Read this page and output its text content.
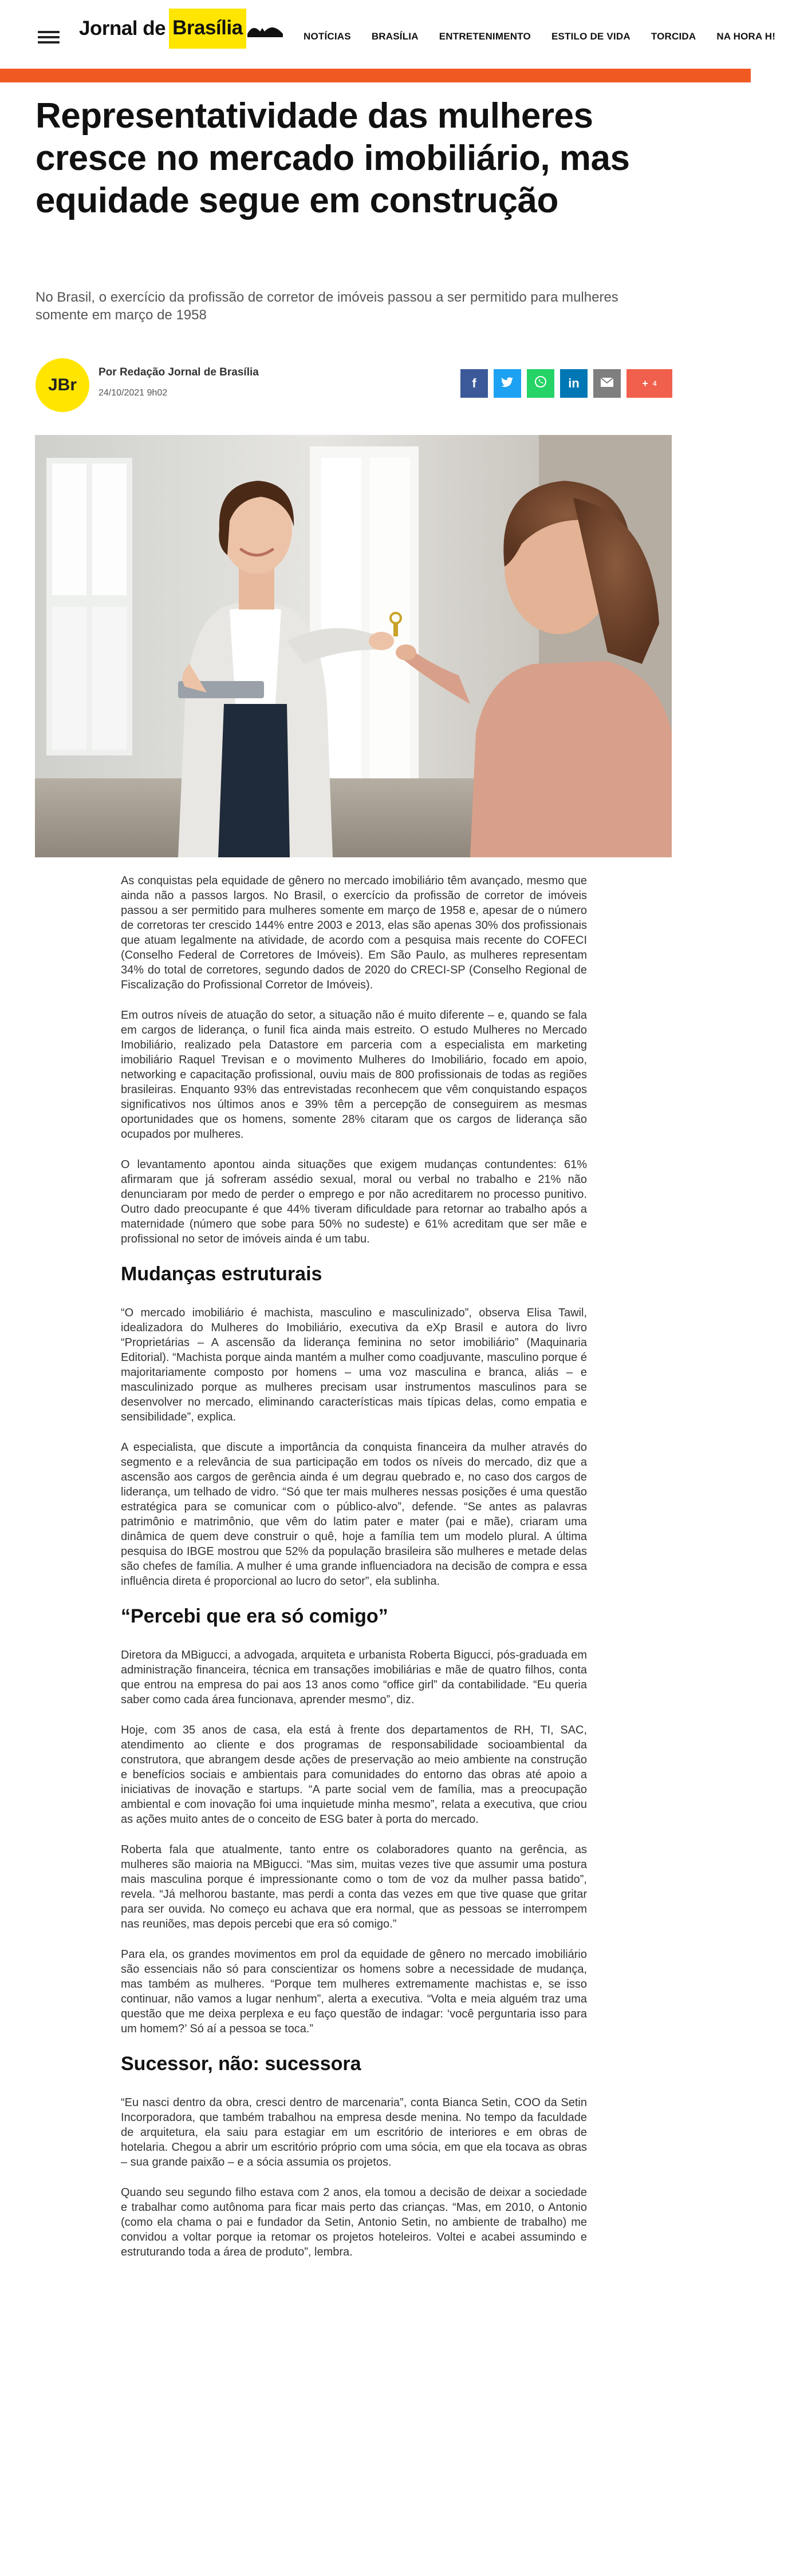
Jornal de Brasília	NOTÍCIAS BRASÍLIA ENTRETENIMENTO ESTILO DE VIDA TORCIDA NA HORA H!
Representatividade das mulheres cresce no mercado imobiliário, mas equidade segue em construção

No Brasil, o exercício da profissão de corretor de imóveis passou a ser permitido para mulheres somente em março de 1958

JBr
Por Redação Jornal de Brasília
24/10/2021 9h02
f	in	+ 4

As conquistas pela equidade de gênero no mercado imobiliário têm avançado, mesmo que ainda não a passos largos. No Brasil, o exercício da profissão de corretor de imóveis passou a ser permitido para mulheres somente em março de 1958 e, apesar de o número de corretoras ter crescido 144% entre 2003 e 2013, elas são apenas 30% dos profissionais que atuam legalmente na atividade, de acordo com a pesquisa mais recente do COFECI (Conselho Federal de Corretores de Imóveis). Em São Paulo, as mulheres representam 34% do total de corretores, segundo dados de 2020 do CRECI-SP (Conselho Regional de Fiscalização do Profissional Corretor de Imóveis).

Em outros níveis de atuação do setor, a situação não é muito diferente – e, quando se fala em cargos de liderança, o funil fica ainda mais estreito. O estudo Mulheres no Mercado Imobiliário, realizado pela Datastore em parceria com a especialista em marketing imobiliário Raquel Trevisan e o movimento Mulheres do Imobiliário, focado em apoio, networking e capacitação profissional, ouviu mais de 800 profissionais de todas as regiões brasileiras. Enquanto 93% das entrevistadas reconhecem que vêm conquistando espaços significativos nos últimos anos e 39% têm a percepção de conseguirem as mesmas oportunidades que os homens, somente 28% citaram que os cargos de liderança são ocupados por mulheres.

O levantamento apontou ainda situações que exigem mudanças contundentes: 61% afirmaram que já sofreram assédio sexual, moral ou verbal no trabalho e 21% não denunciaram por medo de perder o emprego e por não acreditarem no processo punitivo. Outro dado preocupante é que 44% tiveram dificuldade para retornar ao trabalho após a maternidade (número que sobe para 50% no sudeste) e 61% acreditam que ser mãe e profissional no setor de imóveis ainda é um tabu.

Mudanças estruturais

“O mercado imobiliário é machista, masculino e masculinizado”, observa Elisa Tawil, idealizadora do Mulheres do Imobiliário, executiva da eXp Brasil e autora do livro “Proprietárias – A ascensão da liderança feminina no setor imobiliário” (Maquinaria Editorial). “Machista porque ainda mantém a mulher como coadjuvante, masculino porque é majoritariamente composto por homens – uma voz masculina e branca, aliás – e masculinizado porque as mulheres precisam usar instrumentos masculinos para se desenvolver no mercado, eliminando características mais típicas delas, como empatia e sensibilidade”, explica.

A especialista, que discute a importância da conquista financeira da mulher através do segmento e a relevância de sua participação em todos os níveis do mercado, diz que a ascensão aos cargos de gerência ainda é um degrau quebrado e, no caso dos cargos de liderança, um telhado de vidro. “Só que ter mais mulheres nessas posições é uma questão estratégica para se comunicar com o público-alvo”, defende. “Se antes as palavras patrimônio e matrimônio, que vêm do latim pater e mater (pai e mãe), criaram uma dinâmica de quem deve construir o quê, hoje a família tem um modelo plural. A última pesquisa do IBGE mostrou que 52% da população brasileira são mulheres e metade delas são chefes de família. A mulher é uma grande influenciadora na decisão de compra e essa influência direta é proporcional ao lucro do setor”, ela sublinha.

“Percebi que era só comigo”

Diretora da MBigucci, a advogada, arquiteta e urbanista Roberta Bigucci, pós-graduada em administração financeira, técnica em transações imobiliárias e mãe de quatro filhos, conta que entrou na empresa do pai aos 13 anos como “office girl” da contabilidade. “Eu queria saber como cada área funcionava, aprender mesmo”, diz.

Hoje, com 35 anos de casa, ela está à frente dos departamentos de RH, TI, SAC, atendimento ao cliente e dos programas de responsabilidade socioambiental da construtora, que abrangem desde ações de preservação ao meio ambiente na construção e benefícios sociais e ambientais para comunidades do entorno das obras até apoio a iniciativas de inovação e startups. “A parte social vem de família, mas a preocupação ambiental e com inovação foi uma inquietude minha mesmo”, relata a executiva, que criou as ações muito antes de o conceito de ESG bater à porta do mercado.

Roberta fala que atualmente, tanto entre os colaboradores quanto na gerência, as mulheres são maioria na MBigucci. “Mas sim, muitas vezes tive que assumir uma postura mais masculina porque é impressionante como o tom de voz da mulher passa batido”, revela. “Já melhorou bastante, mas perdi a conta das vezes em que tive quase que gritar para ser ouvida. No começo eu achava que era normal, que as pessoas se interrompem nas reuniões, mas depois percebi que era só comigo.”

Para ela, os grandes movimentos em prol da equidade de gênero no mercado imobiliário são essenciais não só para conscientizar os homens sobre a necessidade de mudança, mas também as mulheres. “Porque tem mulheres extremamente machistas e, se isso continuar, não vamos a lugar nenhum”, alerta a executiva. “Volta e meia alguém traz uma questão que me deixa perplexa e eu faço questão de indagar: ‘você perguntaria isso para um homem?’ Só aí a pessoa se toca.”

Sucessor, não: sucessora

“Eu nasci dentro da obra, cresci dentro de marcenaria”, conta Bianca Setin, COO da Setin Incorporadora, que também trabalhou na empresa desde menina. No tempo da faculdade de arquitetura, ela saiu para estagiar em um escritório de interiores e em obras de hotelaria. Chegou a abrir um escritório próprio com uma sócia, em que ela tocava as obras – sua grande paixão – e a sócia assumia os projetos.

Quando seu segundo filho estava com 2 anos, ela tomou a decisão de deixar a sociedade e trabalhar como autônoma para ficar mais perto das crianças. “Mas, em 2010, o Antonio (como ela chama o pai e fundador da Setin, Antonio Setin, no ambiente de trabalho) me convidou a voltar porque ia retomar os projetos hoteleiros. Voltei e acabei assumindo e estruturando toda a área de produto”, lembra.
